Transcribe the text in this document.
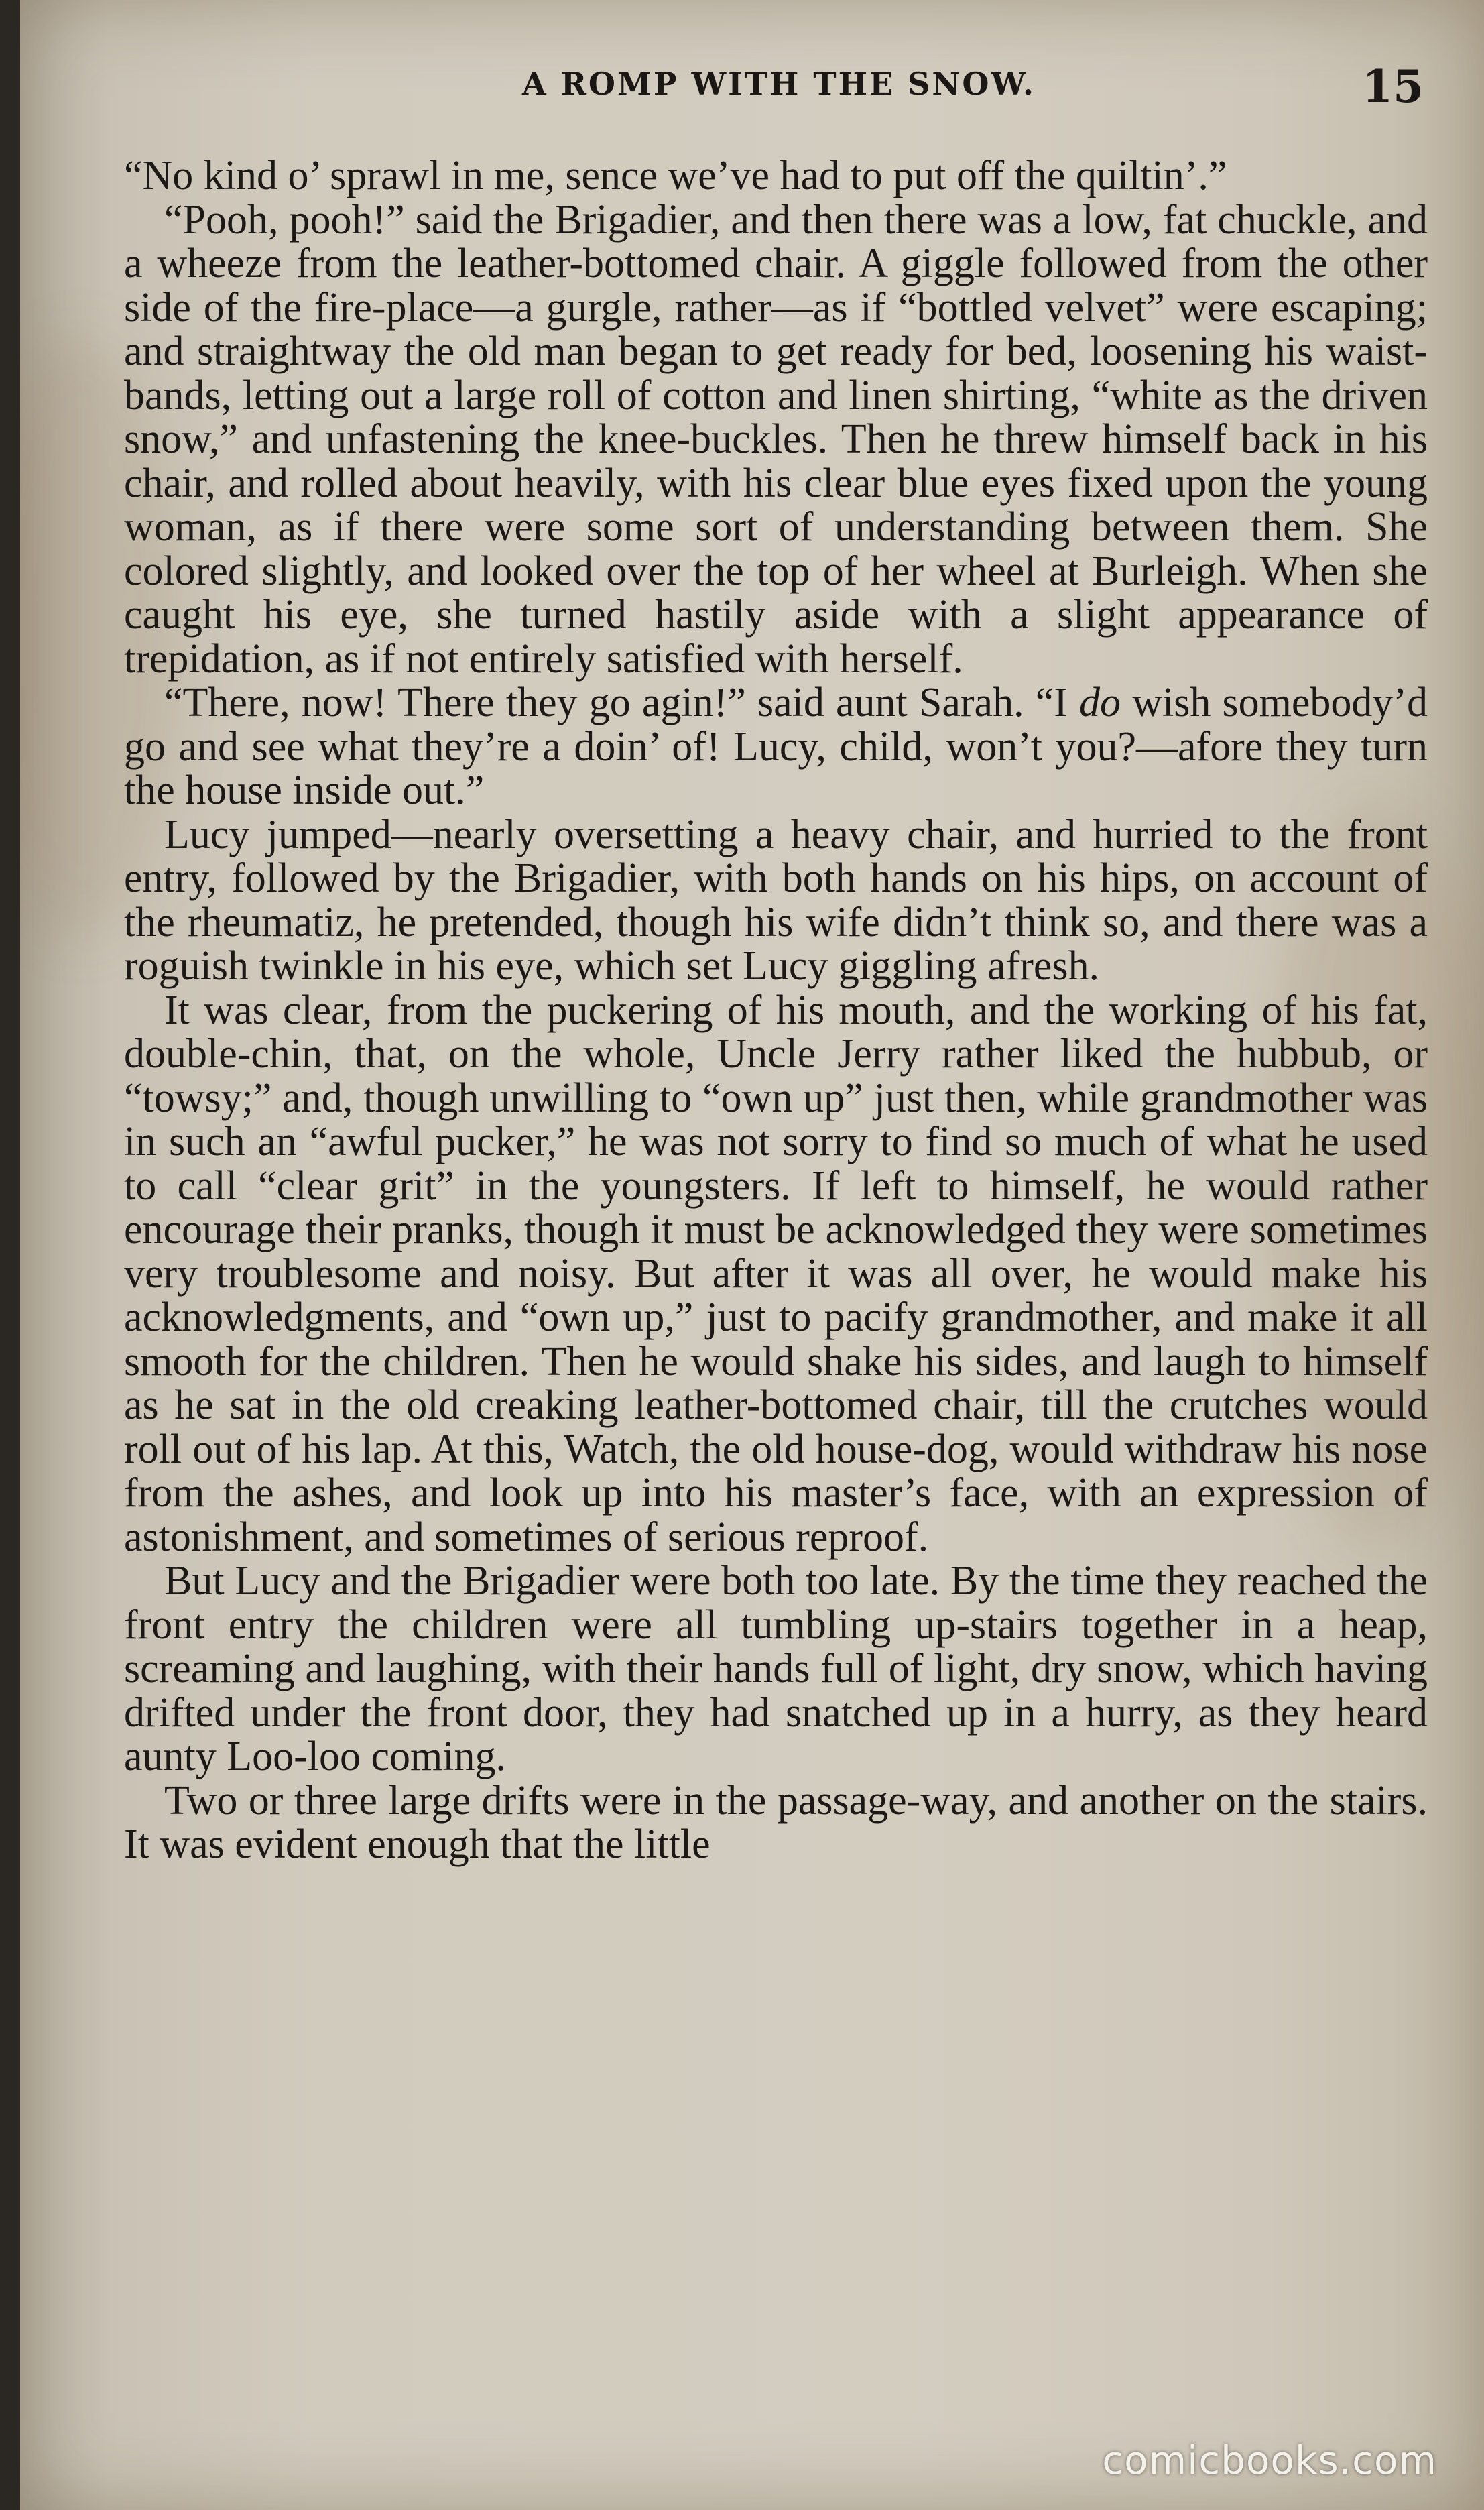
A ROMP WITH THE SNOW.	15

“No kind o’ sprawl in me, sence we’ve had to put off the quiltin’.”

“Pooh, pooh!” said the Brigadier, and then there was a low, fat chuckle, and a wheeze from the leather-bottomed chair. A giggle followed from the other side of the fire-place—a gurgle, rather—as if “bottled velvet” were escaping; and straightway the old man began to get ready for bed, loosening his waist-bands, letting out a large roll of cotton and linen shirting, “white as the driven snow,” and unfastening the knee-buckles. Then he threw himself back in his chair, and rolled about heavily, with his clear blue eyes fixed upon the young woman, as if there were some sort of understanding between them. She colored slightly, and looked over the top of her wheel at Burleigh. When she caught his eye, she turned hastily aside with a slight appearance of trepidation, as if not entirely satisfied with herself.

“There, now! There they go agin!” said aunt Sarah. “I do wish somebody’d go and see what they’re a doin’ of! Lucy, child, won’t you?—afore they turn the house inside out.”

Lucy jumped—nearly oversetting a heavy chair, and hurried to the front entry, followed by the Brigadier, with both hands on his hips, on account of the rheumatiz, he pretended, though his wife didn’t think so, and there was a roguish twinkle in his eye, which set Lucy giggling afresh.

It was clear, from the puckering of his mouth, and the working of his fat, double-chin, that, on the whole, Uncle Jerry rather liked the hubbub, or “towsy;” and, though unwilling to “own up” just then, while grandmother was in such an “awful pucker,” he was not sorry to find so much of what he used to call “clear grit” in the youngsters. If left to himself, he would rather encourage their pranks, though it must be acknowledged they were sometimes very troublesome and noisy. But after it was all over, he would make his acknowledgments, and “own up,” just to pacify grandmother, and make it all smooth for the children. Then he would shake his sides, and laugh to himself as he sat in the old creaking leather-bottomed chair, till the crutches would roll out of his lap. At this, Watch, the old house-dog, would withdraw his nose from the ashes, and look up into his master’s face, with an expression of astonishment, and sometimes of serious reproof.

But Lucy and the Brigadier were both too late. By the time they reached the front entry the children were all tumbling up-stairs together in a heap, screaming and laughing, with their hands full of light, dry snow, which having drifted under the front door, they had snatched up in a hurry, as they heard aunty Loo-loo coming.

Two or three large drifts were in the passage-way, and another on the stairs. It was evident enough that the little

comicbooks.com
